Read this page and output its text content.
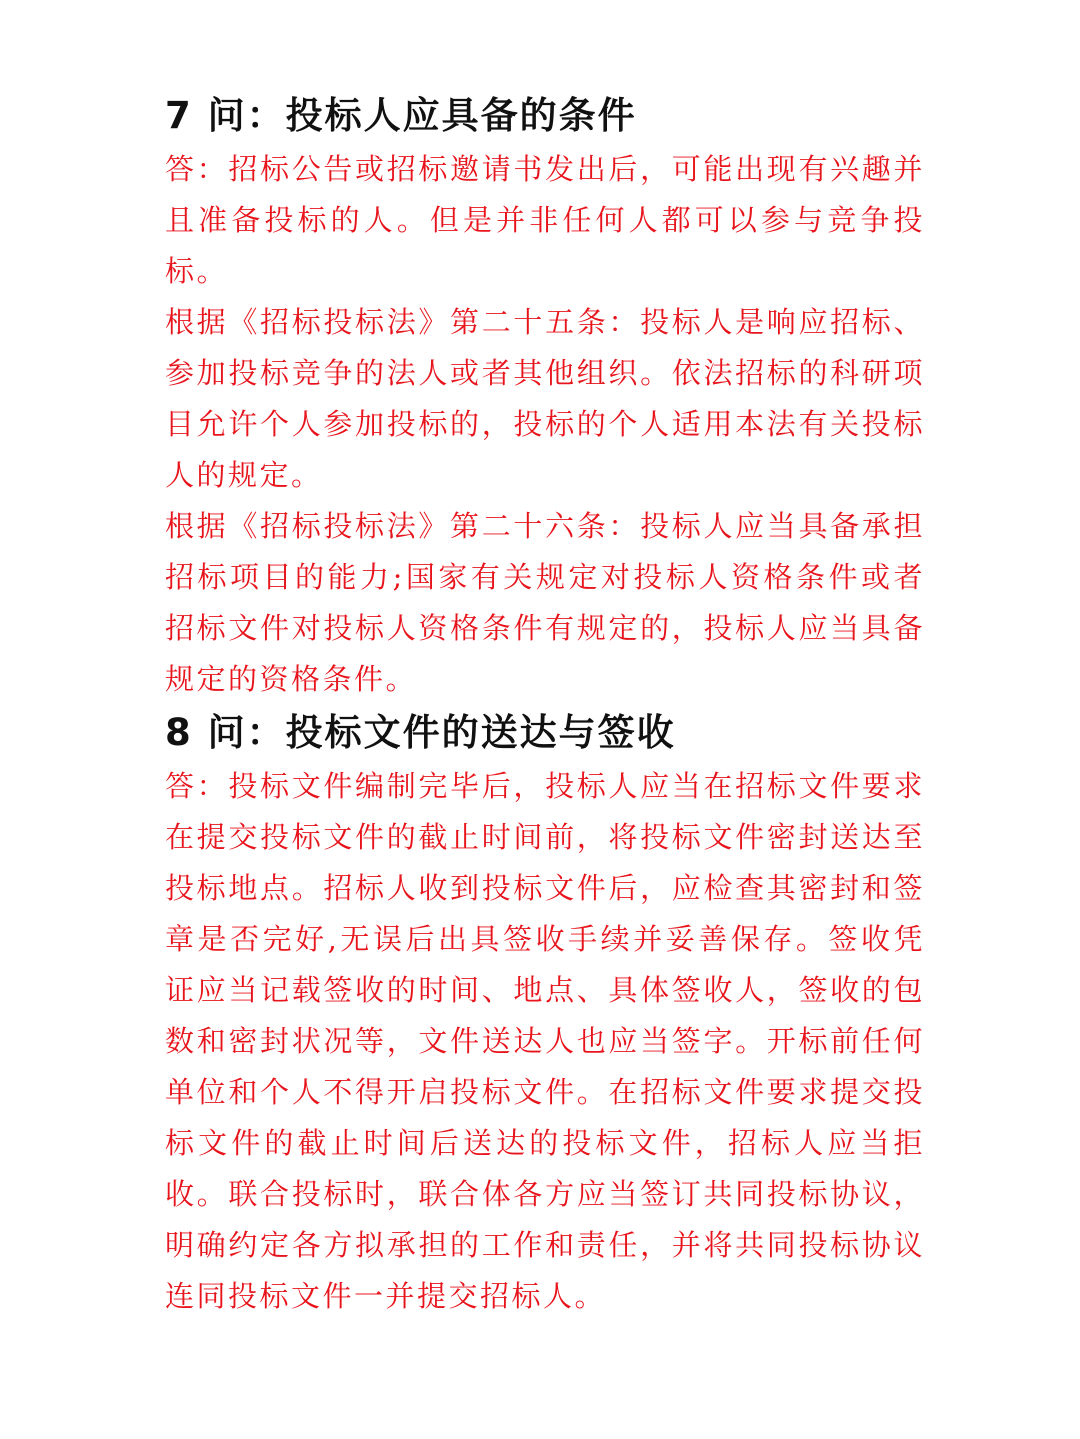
7 问：投标人应具备的条件

答：招标公告或招标邀请书发出后，可能出现有兴趣并且准备投标的人。但是并非任何人都可以参与竞争投标。

根据《招标投标法》第二十五条：投标人是响应招标、参加投标竞争的法人或者其他组织。依法招标的科研项目允许个人参加投标的，投标的个人适用本法有关投标人的规定。

根据《招标投标法》第二十六条：投标人应当具备承担招标项目的能力;国家有关规定对投标人资格条件或者招标文件对投标人资格条件有规定的，投标人应当具备规定的资格条件。

8 问：投标文件的送达与签收

答：投标文件编制完毕后，投标人应当在招标文件要求在提交投标文件的截止时间前，将投标文件密封送达至投标地点。招标人收到投标文件后，应检查其密封和签章是否完好,无误后出具签收手续并妥善保存。签收凭证应当记载签收的时间、地点、具体签收人，签收的包数和密封状况等，文件送达人也应当签字。开标前任何单位和个人不得开启投标文件。在招标文件要求提交投标文件的截止时间后送达的投标文件，招标人应当拒收。联合投标时，联合体各方应当签订共同投标协议，明确约定各方拟承担的工作和责任，并将共同投标协议连同投标文件一并提交招标人。
